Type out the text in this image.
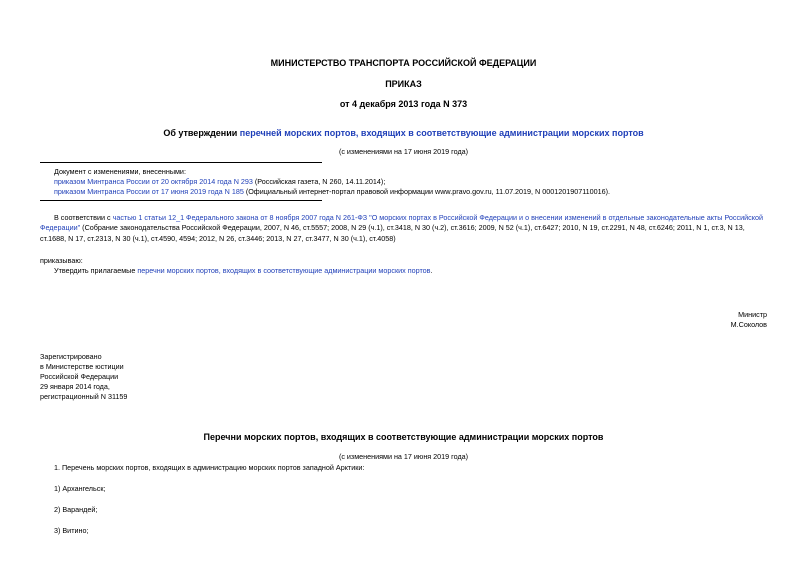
МИНИСТЕРСТВО ТРАНСПОРТА РОССИЙСКОЙ ФЕДЕРАЦИИ
ПРИКАЗ
от 4 декабря 2013 года N 373
Об утверждении перечней морских портов, входящих в соответствующие администрации морских портов
(с изменениями на 17 июня 2019 года)
Документ с изменениями, внесенными:
приказом Минтранса России от 20 октября 2014 года N 293 (Российская газета, N 260, 14.11.2014);
приказом Минтранса России от 17 июня 2019 года N 185 (Официальный интернет-портал правовой информации www.pravo.gov.ru, 11.07.2019, N 0001201907110016).
В соответствии с частью 1 статьи 12_1 Федерального закона от 8 ноября 2007 года N 261-ФЗ "О морских портах в Российской Федерации и о внесении изменений в отдельные законодательные акты Российской
Федерации" (Собрание законодательства Российской Федерации, 2007, N 46, ст.5557; 2008, N 29 (ч.1), ст.3418, N 30 (ч.2), ст.3616; 2009, N 52 (ч.1), ст.6427; 2010, N 19, ст.2291, N 48, ст.6246; 2011, N 1, ст.3, N 13,
ст.1688, N 17, ст.2313, N 30 (ч.1), ст.4590, 4594; 2012, N 26, ст.3446; 2013, N 27, ст.3477, N 30 (ч.1), ст.4058)
приказываю:
Утвердить прилагаемые перечни морских портов, входящих в соответствующие администрации морских портов.
Министр
М.Соколов

Зарегистрировано

в Министерстве юстиции

Российской Федерации

29 января 2014 года,

регистрационный N 31159

Перечни морских портов, входящих в соответствующие администрации морских портов
(с изменениями на 17 июня 2019 года)
1. Перечень морских портов, входящих в администрацию морских портов западной Арктики:
1) Архангельск;
2) Варандей;
3) Витино;
